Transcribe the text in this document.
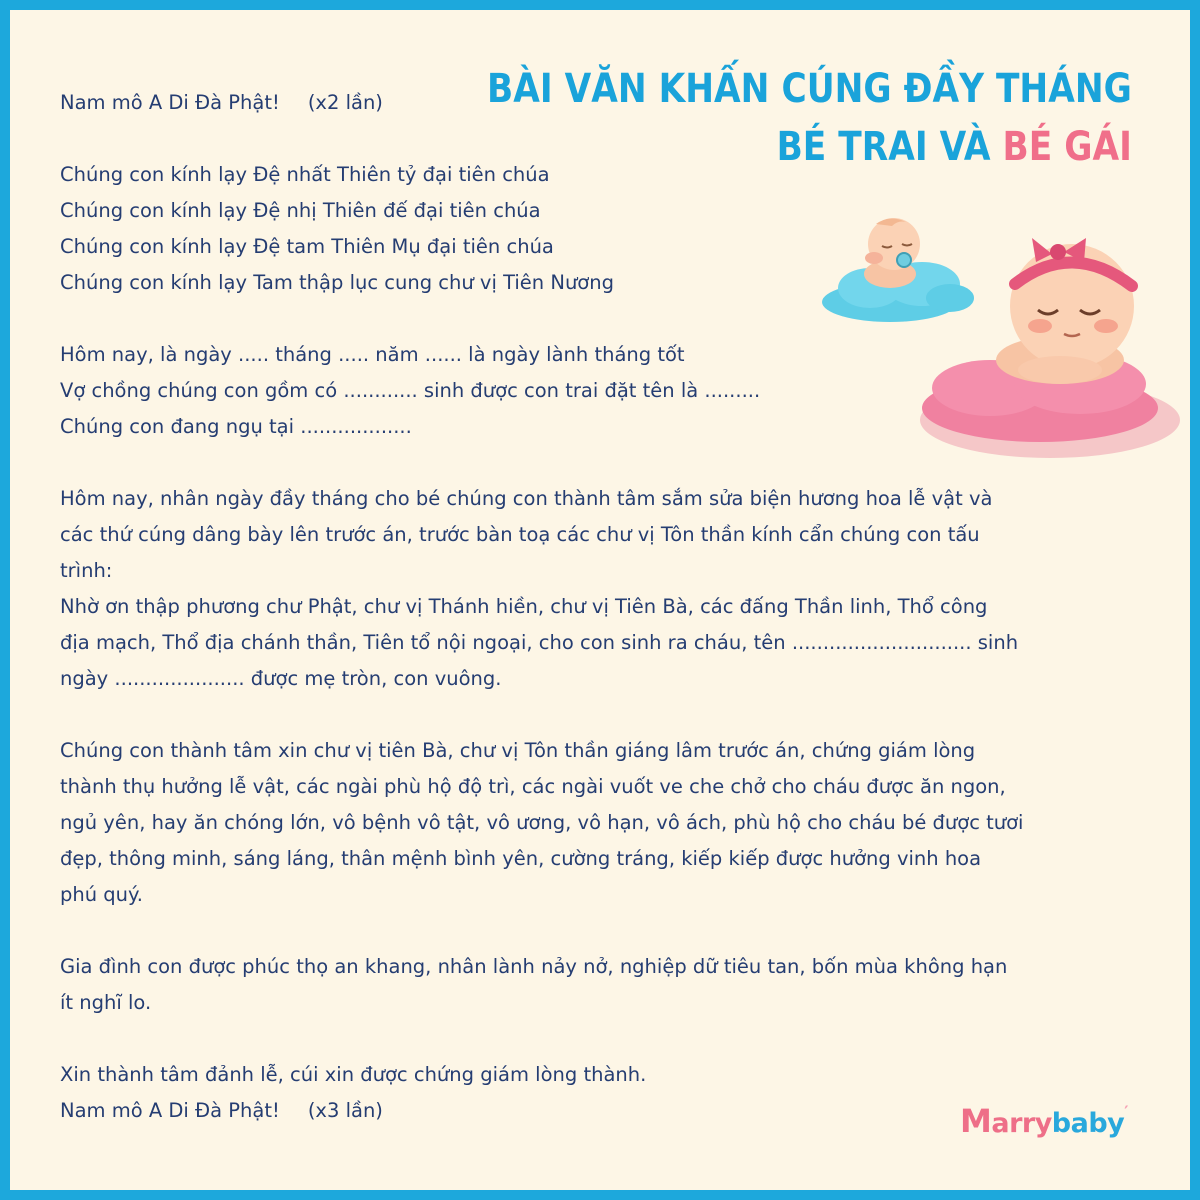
BÀI VĂN KHẤN CÚNG ĐẦY THÁNG
BÉ TRAI VÀ BÉ GÁI

Nam mô A Di Đà Phật! (x2 lần)

Chúng con kính lạy Đệ nhất Thiên tỷ đại tiên chúa
Chúng con kính lạy Đệ nhị Thiên đế đại tiên chúa
Chúng con kính lạy Đệ tam Thiên Mụ đại tiên chúa
Chúng con kính lạy Tam thập lục cung chư vị Tiên Nương

Hôm nay, là ngày ..... tháng ..... năm ...... là ngày lành tháng tốt
Vợ chồng chúng con gồm có ............ sinh được con trai đặt tên là .........
Chúng con đang ngụ tại ..................

Hôm nay, nhân ngày đầy tháng cho bé chúng con thành tâm sắm sửa biện hương hoa lễ vật và
các thứ cúng dâng bày lên trước án, trước bàn toạ các chư vị Tôn thần kính cẩn chúng con tấu
trình:
Nhờ ơn thập phương chư Phật, chư vị Thánh hiền, chư vị Tiên Bà, các đấng Thần linh, Thổ công
địa mạch, Thổ địa chánh thần, Tiên tổ nội ngoại, cho con sinh ra cháu, tên ............................. sinh
ngày ..................... được mẹ tròn, con vuông.

Chúng con thành tâm xin chư vị tiên Bà, chư vị Tôn thần giáng lâm trước án, chứng giám lòng
thành thụ hưởng lễ vật, các ngài phù hộ độ trì, các ngài vuốt ve che chở cho cháu được ăn ngon,
ngủ yên, hay ăn chóng lớn, vô bệnh vô tật, vô ương, vô hạn, vô ách, phù hộ cho cháu bé được tươi
đẹp, thông minh, sáng láng, thân mệnh bình yên, cường tráng, kiếp kiếp được hưởng vinh hoa
phú quý.

Gia đình con được phúc thọ an khang, nhân lành nảy nở, nghiệp dữ tiêu tan, bốn mùa không hạn
ít nghĩ lo.

Xin thành tâm đảnh lễ, cúi xin được chứng giám lòng thành.
Nam mô A Di Đà Phật! (x3 lần)	Marrybaby′
